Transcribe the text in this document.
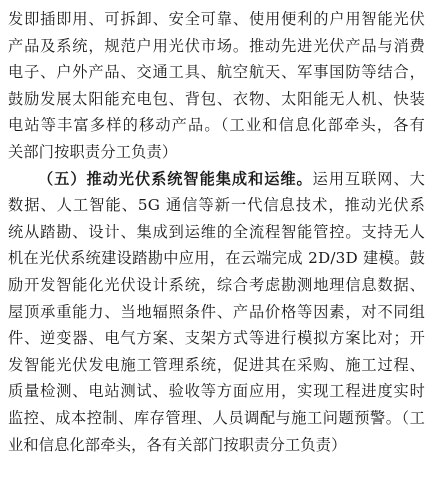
发即插即用、可拆卸、安全可靠、使用便利的户用智能光伏
产品及系统，规范户用光伏市场。推动先进光伏产品与消费
电子、户外产品、交通工具、航空航天、军事国防等结合，
鼓励发展太阳能充电包、背包、衣物、太阳能无人机、快装
电站等丰富多样的移动产品。（工业和信息化部牵头，各有
关部门按职责分工负责）
（五）推动光伏系统智能集成和运维。运用互联网、大
数据、人工智能、5G 通信等新一代信息技术，推动光伏系
统从踏勘、设计、集成到运维的全流程智能管控。支持无人
机在光伏系统建设踏勘中应用，在云端完成 2D/3D 建模。鼓
励开发智能化光伏设计系统，综合考虑勘测地理信息数据、
屋顶承重能力、当地辐照条件、产品价格等因素，对不同组
件、逆变器、电气方案、支架方式等进行模拟方案比对；开
发智能光伏发电施工管理系统，促进其在采购、施工过程、
质量检测、电站测试、验收等方面应用，实现工程进度实时
监控、成本控制、库存管理、人员调配与施工问题预警。（工
业和信息化部牵头，各有关部门按职责分工负责）
